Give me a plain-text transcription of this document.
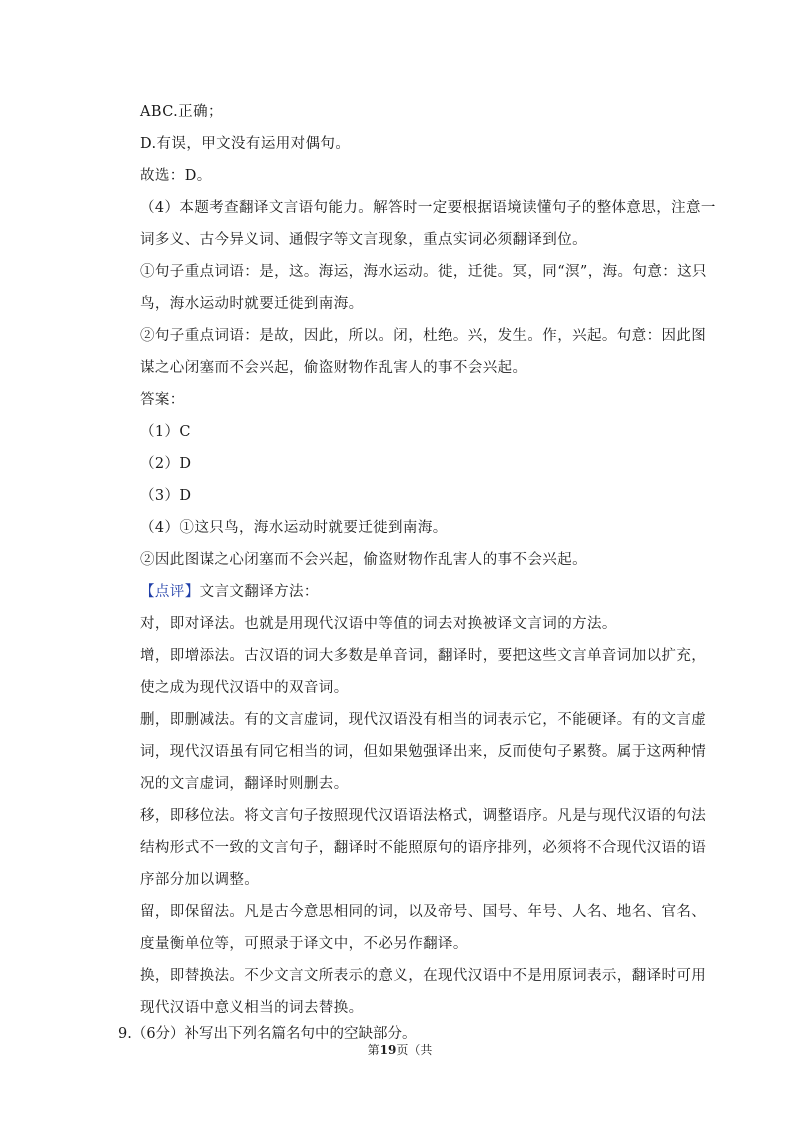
ABC.正确；
D.有误，甲文没有运用对偶句。
故选：D。
（4）本题考查翻译文言语句能力。解答时一定要根据语境读懂句子的整体意思，注意一
词多义、古今异义词、通假字等文言现象，重点实词必须翻译到位。
①句子重点词语：是，这。海运，海水运动。徙，迁徙。冥，同“溟”，海。句意：这只
鸟，海水运动时就要迁徙到南海。
②句子重点词语：是故，因此，所以。闭，杜绝。兴，发生。作，兴起。句意：因此图
谋之心闭塞而不会兴起，偷盗财物作乱害人的事不会兴起。
答案：
（1）C
（2）D
（3）D
（4）①这只鸟，海水运动时就要迁徙到南海。
②因此图谋之心闭塞而不会兴起，偷盗财物作乱害人的事不会兴起。
【点评】文言文翻译方法：
对，即对译法。也就是用现代汉语中等值的词去对换被译文言词的方法。
增，即增添法。古汉语的词大多数是单音词，翻译时，要把这些文言单音词加以扩充，
使之成为现代汉语中的双音词。
删，即删减法。有的文言虚词，现代汉语没有相当的词表示它，不能硬译。有的文言虚
词，现代汉语虽有同它相当的词，但如果勉强译出来，反而使句子累赘。属于这两种情
况的文言虚词，翻译时则删去。
移，即移位法。将文言句子按照现代汉语语法格式，调整语序。凡是与现代汉语的句法
结构形式不一致的文言句子，翻译时不能照原句的语序排列，必须将不合现代汉语的语
序部分加以调整。
留，即保留法。凡是古今意思相同的词，以及帝号、国号、年号、人名、地名、官名、
度量衡单位等，可照录于译文中，不必另作翻译。
换，即替换法。不少文言文所表示的意义，在现代汉语中不是用原词表示，翻译时可用
现代汉语中意义相当的词去替换。
9.（6分）补写出下列名篇名句中的空缺部分。
第19页（共
